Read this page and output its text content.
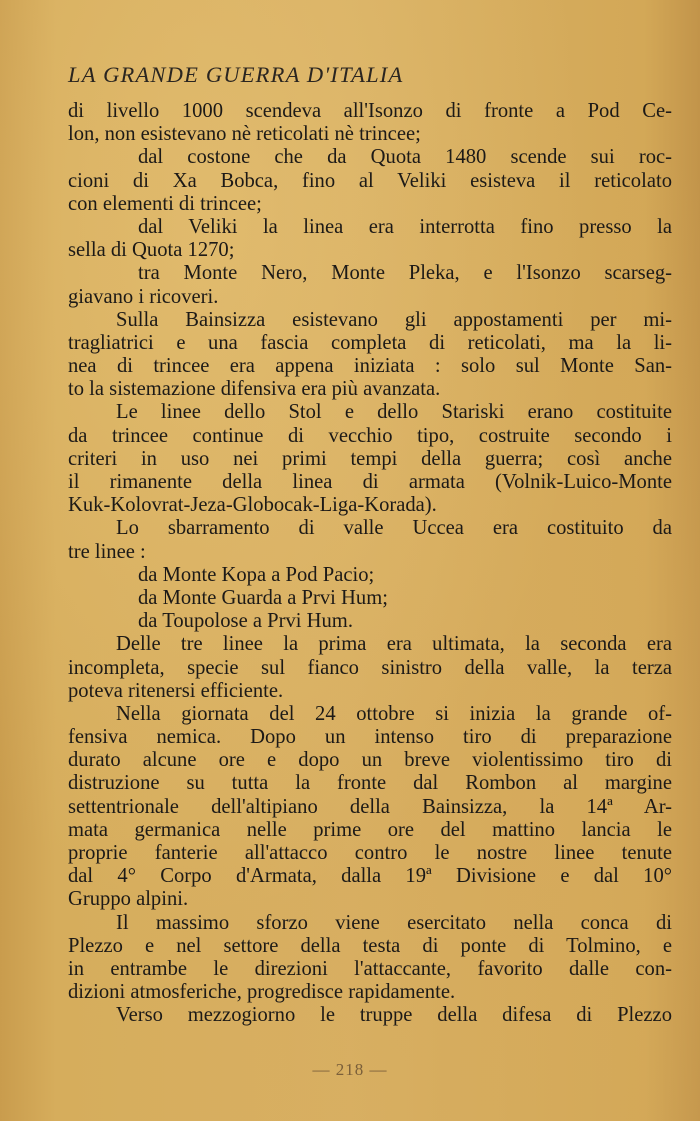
LA GRANDE GUERRA D'ITALIA
di livello 1000 scendeva all'Isonzo di fronte a Pod Ce-
lon, non esistevano nè reticolati nè trincee;
dal costone che da Quota 1480 scende sui roc-
cioni di Xa Bobca, fino al Veliki esisteva il reticolato
con elementi di trincee;
dal Veliki la linea era interrotta fino presso la
sella di Quota 1270;
tra Monte Nero, Monte Pleka, e l'Isonzo scarseg-
giavano i ricoveri.
Sulla Bainsizza esistevano gli appostamenti per mi-
tragliatrici e una fascia completa di reticolati, ma la li-
nea di trincee era appena iniziata : solo sul Monte San-
to la sistemazione difensiva era più avanzata.
Le linee dello Stol e dello Stariski erano costituite
da trincee continue di vecchio tipo, costruite secondo i
criteri in uso nei primi tempi della guerra; così anche
il rimanente della linea di armata (Volnik-Luico-Monte
Kuk-Kolovrat-Jeza-Globocak-Liga-Korada).
Lo sbarramento di valle Uccea era costituito da
tre linee :
da Monte Kopa a Pod Pacio;
da Monte Guarda a Prvi Hum;
da Toupolose a Prvi Hum.
Delle tre linee la prima era ultimata, la seconda era
incompleta, specie sul fianco sinistro della valle, la terza
poteva ritenersi efficiente.
Nella giornata del 24 ottobre si inizia la grande of-
fensiva nemica. Dopo un intenso tiro di preparazione
durato alcune ore e dopo un breve violentissimo tiro di
distruzione su tutta la fronte dal Rombon al margine
settentrionale dell'altipiano della Bainsizza, la 14ª Ar-
mata germanica nelle prime ore del mattino lancia le
proprie fanterie all'attacco contro le nostre linee tenute
dal 4° Corpo d'Armata, dalla 19ª Divisione e dal 10°
Gruppo alpini.
Il massimo sforzo viene esercitato nella conca di
Plezzo e nel settore della testa di ponte di Tolmino, e
in entrambe le direzioni l'attaccante, favorito dalle con-
dizioni atmosferiche, progredisce rapidamente.
Verso mezzogiorno le truppe della difesa di Plezzo
— 218 —
